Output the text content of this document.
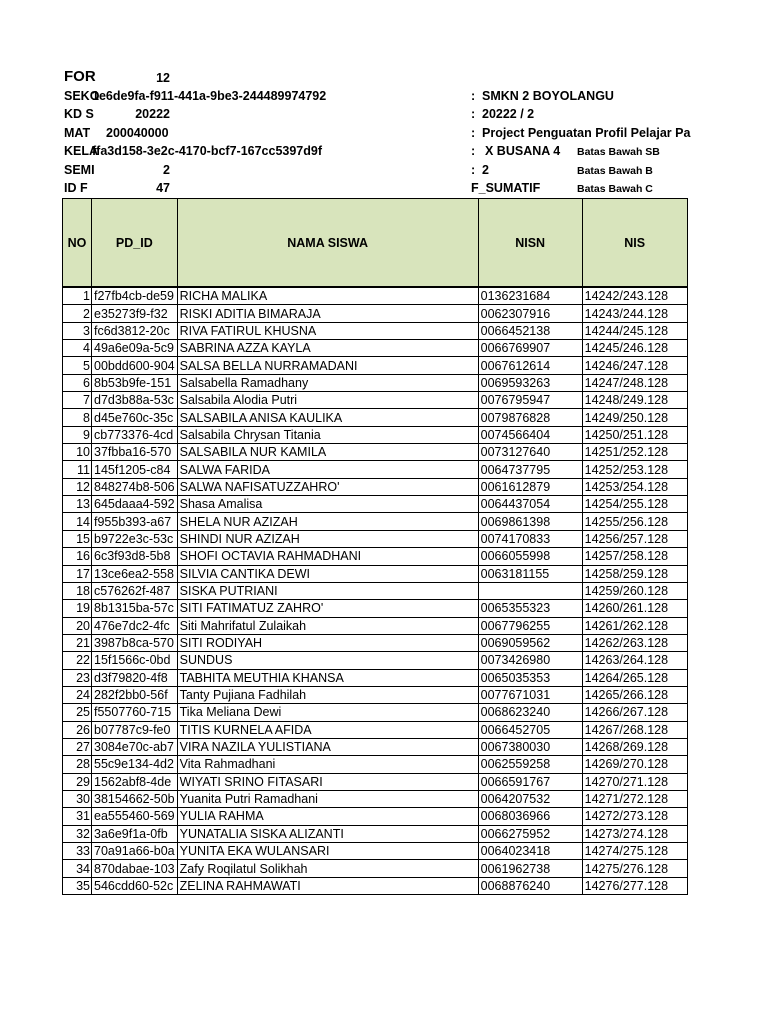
FOR	12
SEKO
1e6de9fa-f911-441a-9be3-244489974792	: SMKN 2 BOYOLANGU
KD S	20222	: 20222 / 2
MAT 200040000	: Project Penguatan Profil Pelajar Pa
KELA
ffa3d158-3e2c-4170-bcf7-167cc5397d9f	: X BUSANA 4	Batas Bawah SB
SEMI	2	: 2	Batas Bawah B
ID F	47	F_SUMATIF	Batas Bawah C
NO	PD_ID	NAMA SISWA	NISN	NIS

1	f27fb4cb-de59	RICHA MALIKA	0136231684	14242/243.128
2	e35273f9-f32	RISKI ADITIA BIMARAJA	0062307916	14243/244.128
3	fc6d3812-20c	RIVA FATIRUL KHUSNA	0066452138	14244/245.128
4	49a6e09a-5c9	SABRINA AZZA KAYLA	0066769907	14245/246.128
5	00bdd600-904	SALSA BELLA NURRAMADANI	0067612614	14246/247.128
6	8b53b9fe-151	Salsabella Ramadhany	0069593263	14247/248.128
7	d7d3b88a-53c	Salsabila Alodia Putri	0076795947	14248/249.128
8	d45e760c-35c	SALSABILA ANISA KAULIKA	0079876828	14249/250.128
9	cb773376-4cd	Salsabila Chrysan Titania	0074566404	14250/251.128
10	37fbba16-570	SALSABILA NUR KAMILA	0073127640	14251/252.128
11	145f1205-c84	SALWA FARIDA	0064737795	14252/253.128
12	848274b8-506	SALWA NAFISATUZZAHRO'	0061612879	14253/254.128
13	645daaa4-592	Shasa Amalisa	0064437054	14254/255.128
14	f955b393-a67	SHELA NUR AZIZAH	0069861398	14255/256.128
15	b9722e3c-53c	SHINDI NUR AZIZAH	0074170833	14256/257.128
16	6c3f93d8-5b8	SHOFI OCTAVIA RAHMADHANI	0066055998	14257/258.128
17	13ce6ea2-558	SILVIA CANTIKA DEWI	0063181155	14258/259.128
18	c576262f-487	SISKA PUTRIANI		14259/260.128
19	8b1315ba-57c	SITI FATIMATUZ ZAHRO'	0065355323	14260/261.128
20	476e7dc2-4fc	Siti Mahrifatul Zulaikah	0067796255	14261/262.128
21	3987b8ca-570	SITI RODIYAH	0069059562	14262/263.128
22	15f1566c-0bd	SUNDUS	0073426980	14263/264.128
23	d3f79820-4f8	TABHITA MEUTHIA KHANSA	0065035353	14264/265.128
24	282f2bb0-56f	Tanty Pujiana Fadhilah	0077671031	14265/266.128
25	f5507760-715	Tika Meliana Dewi	0068623240	14266/267.128
26	b07787c9-fe0	TITIS KURNELA AFIDA	0066452705	14267/268.128
27	3084e70c-ab7	VIRA NAZILA YULISTIANA	0067380030	14268/269.128
28	55c9e134-4d2	Vita Rahmadhani	0062559258	14269/270.128
29	1562abf8-4de	WIYATI SRINO FITASARI	0066591767	14270/271.128
30	38154662-50b	Yuanita Putri Ramadhani	0064207532	14271/272.128
31	ea555460-569	YULIA RAHMA	0068036966	14272/273.128
32	3a6e9f1a-0fb	YUNATALIA SISKA ALIZANTI	0066275952	14273/274.128
33	70a91a66-b0a	YUNITA EKA WULANSARI	0064023418	14274/275.128
34	870dabae-103	Zafy Roqilatul Solikhah	0061962738	14275/276.128
35	546cdd60-52c	ZELINA RAHMAWATI	0068876240	14276/277.128
